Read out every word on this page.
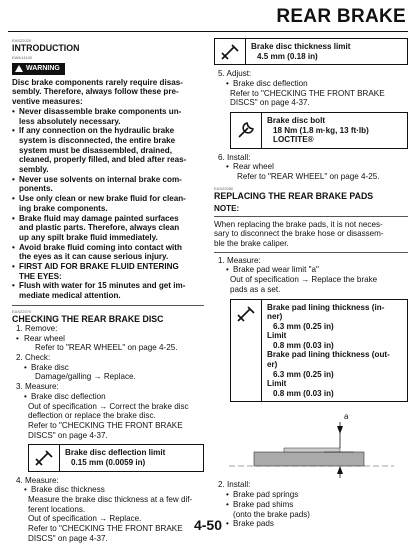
REAR BRAKE
EAS22020
INTRODUCTION
EWA14100
WARNING
Disc brake components rarely require disas-
sembly. Therefore, always follow these pre-
ventive measures:
• Never disassemble brake components un-
less absolutely necessary.
• If any connection on the hydraulic brake
system is disconnected, the entire brake
system must be disassembled, drained,
cleaned, properly filled, and bled after reas-
sembly.
• Never use solvents on internal brake com-
ponents.
• Use only clean or new brake fluid for clean-
ing brake components.
• Brake fluid may damage painted surfaces
and plastic parts. Therefore, always clean
up any spilt brake fluid immediately.
• Avoid brake fluid coming into contact with
the eyes as it can cause serious injury.
• FIRST AID FOR BRAKE FLUID ENTERING
THE EYES:
• Flush with water for 15 minutes and get im-
mediate medical attention.
EAS22070
CHECKING THE REAR BRAKE DISC
1. Remove:
• Rear wheel
Refer to "REAR WHEEL" on page 4-25.
2. Check:
• Brake disc
Damage/galling → Replace.
3. Measure:
• Brake disc deflection
Out of specification → Correct the brake disc
deflection or replace the brake disc.
Refer to "CHECKING THE FRONT BRAKE
DISCS" on page 4-37.
Brake disc deflection limit
0.15 mm (0.0059 in)
4. Measure:
• Brake disc thickness
Measure the brake disc thickness at a few dif-
ferent locations.
Out of specification → Replace.
Refer to "CHECKING THE FRONT BRAKE
DISCS" on page 4-37.
Brake disc thickness limit
4.5 mm (0.18 in)
5. Adjust:
• Brake disc deflection
Refer to "CHECKING THE FRONT BRAKE
DISCS" on page 4-37.
Brake disc bolt
18 Nm (1.8 m·kg, 13 ft·lb)
LOCTITE®
6. Install:
• Rear wheel
Refer to "REAR WHEEL" on page 4-25.
EAS22080
REPLACING THE REAR BRAKE PADS
NOTE:
When replacing the brake pads, it is not neces-
sary to disconnect the brake hose or disassem-
ble the brake caliper.
1. Measure:
• Brake pad wear limit "a"
Out of specification → Replace the brake
pads as a set.
Brake pad lining thickness (in-
ner)
6.3 mm (0.25 in)
Limit
0.8 mm (0.03 in)
Brake pad lining thickness (out-
er)
6.3 mm (0.25 in)
Limit
0.8 mm (0.03 in)
a
2. Install:
• Brake pad springs
• Brake pad shims
(onto the brake pads)
• Brake pads
4-50
